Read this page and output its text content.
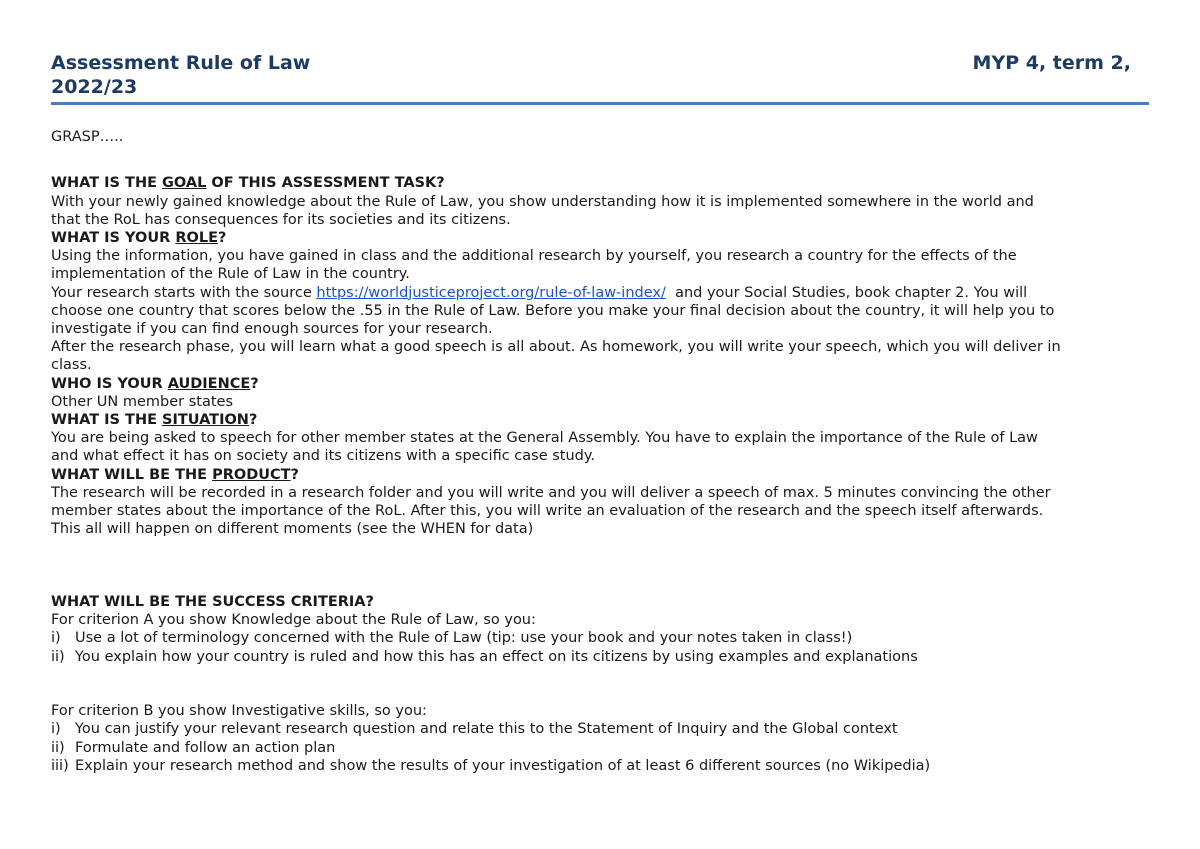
Assessment Rule of Law
2022/23
MYP 4, term 2,
GRASP…..
WHAT IS THE GOAL OF THIS ASSESSMENT TASK?
With your newly gained knowledge about the Rule of Law, you show understanding how it is implemented somewhere in the world and
that the RoL has consequences for its societies and its citizens.
WHAT IS YOUR ROLE?
Using the information, you have gained in class and the additional research by yourself, you research a country for the effects of the
implementation of the Rule of Law in the country.
Your research starts with the source https://worldjusticeproject.org/rule-of-law-index/  and your Social Studies, book chapter 2. You will
choose one country that scores below the .55 in the Rule of Law. Before you make your final decision about the country, it will help you to
investigate if you can find enough sources for your research.
After the research phase, you will learn what a good speech is all about. As homework, you will write your speech, which you will deliver in
class.
WHO IS YOUR AUDIENCE?
Other UN member states
WHAT IS THE SITUATION?
You are being asked to speech for other member states at the General Assembly. You have to explain the importance of the Rule of Law
and what effect it has on society and its citizens with a specific case study.
WHAT WILL BE THE PRODUCT?
The research will be recorded in a research folder and you will write and you will deliver a speech of max. 5 minutes convincing the other
member states about the importance of the RoL. After this, you will write an evaluation of the research and the speech itself afterwards.
This all will happen on different moments (see the WHEN for data)
WHAT WILL BE THE SUCCESS CRITERIA?
For criterion A you show Knowledge about the Rule of Law, so you:
i) Use a lot of terminology concerned with the Rule of Law (tip: use your book and your notes taken in class!)
ii) You explain how your country is ruled and how this has an effect on its citizens by using examples and explanations
For criterion B you show Investigative skills, so you:
i) You can justify your relevant research question and relate this to the Statement of Inquiry and the Global context
ii) Formulate and follow an action plan
iii) Explain your research method and show the results of your investigation of at least 6 different sources (no Wikipedia)
